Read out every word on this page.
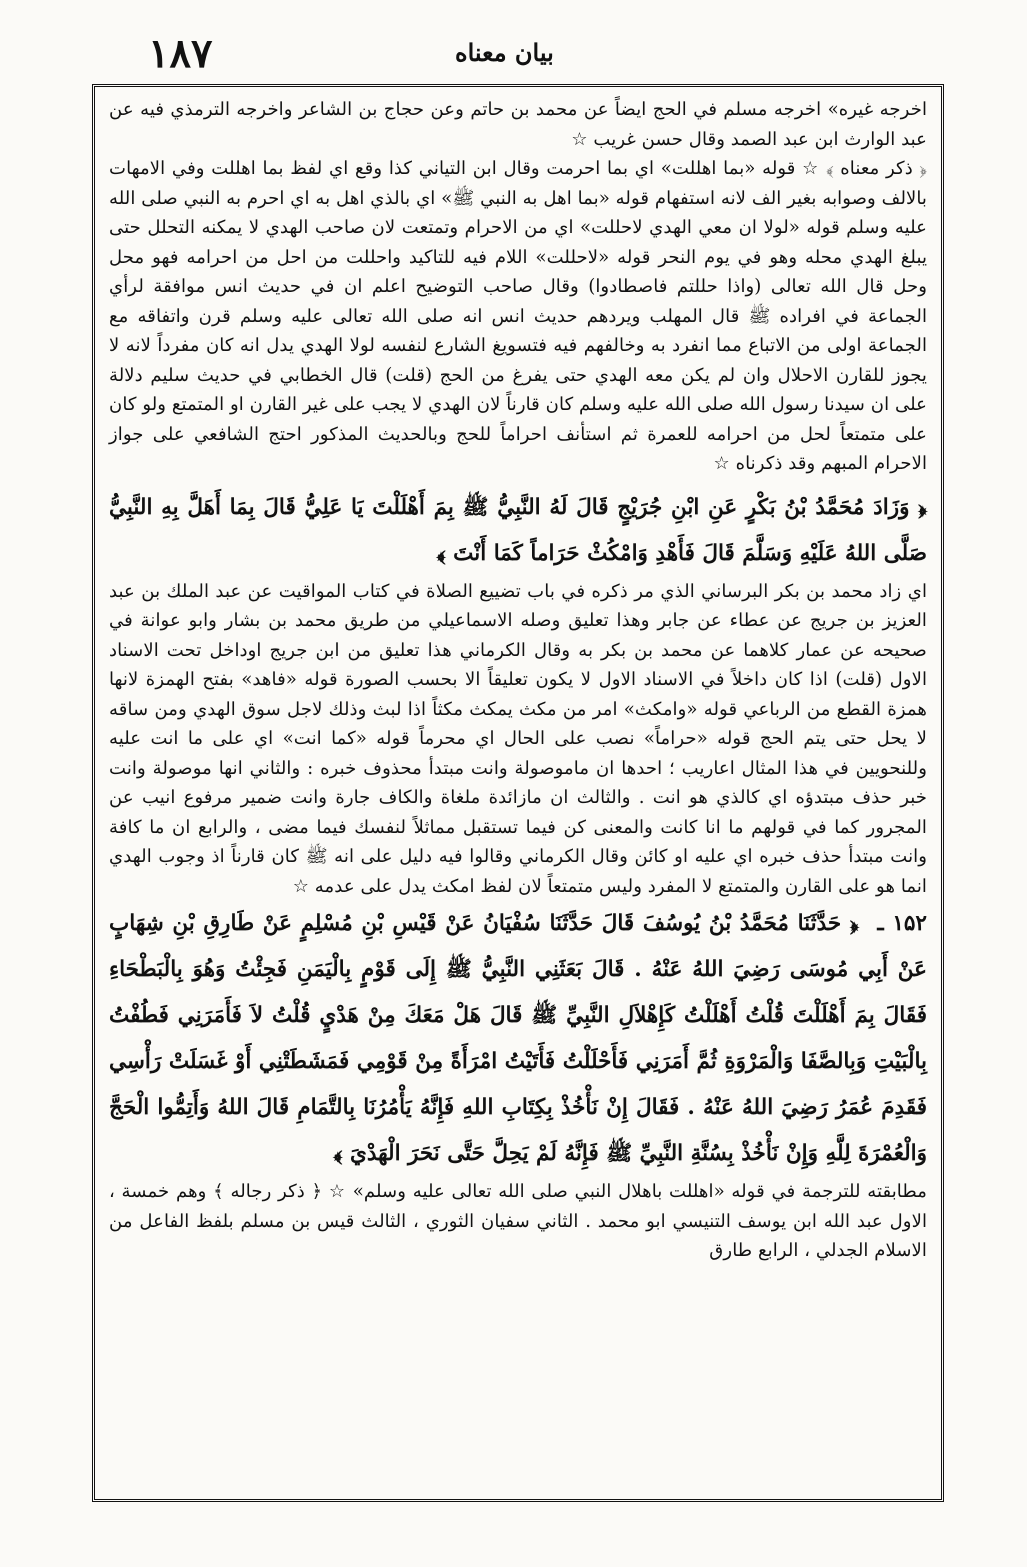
۱۸۷	بيان معناه

اخرجه غيره» اخرجه مسلم في الحج ايضاً عن محمد بن حاتم وعن حجاج بن الشاعر واخرجه الترمذي فيه عن عبد الوارث ابن عبد الصمد وقال حسن غريب ☆

﴿ ذكر معناه ﴾ ☆ قوله «بما اهللت» اي بما احرمت وقال ابن التياني كذا وقع اي لفظ بما اهللت وفي الامهات بالالف وصوابه بغير الف لانه استفهام قوله «بما اهل به النبي ﷺ» اي بالذي اهل به اي احرم به النبي صلى الله عليه وسلم قوله «لولا ان معي الهدي لاحللت» اي من الاحرام وتمتعت لان صاحب الهدي لا يمكنه التحلل حتى يبلغ الهدي محله وهو في يوم النحر قوله «لاحللت» اللام فيه للتاكيد واحللت من احل من احرامه فهو محل وحل قال الله تعالى (واذا حللتم فاصطادوا) وقال صاحب التوضيح اعلم ان في حديث انس موافقة لرأي الجماعة في افراده ﷺ قال المهلب ويردهم حديث انس انه صلى الله تعالى عليه وسلم قرن واتفاقه مع الجماعة اولى من الاتباع مما انفرد به وخالفهم فيه فتسويغ الشارع لنفسه لولا الهدي يدل انه كان مفرداً لانه لا يجوز للقارن الاحلال وان لم يكن معه الهدي حتى يفرغ من الحج (قلت) قال الخطابي في حديث سليم دلالة على ان سيدنا رسول الله صلى الله عليه وسلم كان قارناً لان الهدي لا يجب على غير القارن او المتمتع ولو كان على متمتعاً لحل من احرامه للعمرة ثم استأنف احراماً للحج وبالحديث المذكور احتج الشافعي على جواز الاحرام المبهم وقد ذكرناه ☆

﴿ وَزَادَ مُحَمَّدُ بْنُ بَكْرٍ عَنِ ابْنِ جُرَيْجٍ قَالَ لَهُ النَّبِيُّ ﷺ بِمَ أَهْلَلْتَ يَا عَلِيُّ قَالَ بِمَا أَهَلَّ بِهِ النَّبِيُّ صَلَّى اللهُ عَلَيْهِ وَسَلَّمَ قَالَ فَأَهْدِ وَامْكُثْ حَرَاماً كَمَا أَنْتَ ﴾

اي زاد محمد بن بكر البرساني الذي مر ذكره في باب تضييع الصلاة في كتاب المواقيت عن عبد الملك بن عبد العزيز بن جريج عن عطاء عن جابر وهذا تعليق وصله الاسماعيلي من طريق محمد بن بشار وابو عوانة في صحيحه عن عمار كلاهما عن محمد بن بكر به وقال الكرماني هذا تعليق من ابن جريج اوداخل تحت الاسناد الاول (قلت) اذا كان داخلاً في الاسناد الاول لا يكون تعليقاً الا بحسب الصورة قوله «فاهد» بفتح الهمزة لانها همزة القطع من الرباعي قوله «وامكث» امر من مكث يمكث مكثاً اذا لبث وذلك لاجل سوق الهدي ومن ساقه لا يحل حتى يتم الحج قوله «حراماً» نصب على الحال اي محرماً قوله «كما انت» اي على ما انت عليه وللنحويين في هذا المثال اعاريب ؛ احدها ان ماموصولة وانت مبتدأ محذوف خبره : والثاني انها موصولة وانت خبر حذف مبتدؤه اي كالذي هو انت . والثالث ان مازائدة ملغاة والكاف جارة وانت ضمير مرفوع انيب عن المجرور كما في قولهم ما انا كانت والمعنى كن فيما تستقبل مماثلاً لنفسك فيما مضى ، والرابع ان ما كافة وانت مبتدأ حذف خبره اي عليه او كائن وقال الكرماني وقالوا فيه دليل على انه ﷺ كان قارناً اذ وجوب الهدي انما هو على القارن والمتمتع لا المفرد وليس متمتعاً لان لفظ امكث يدل على عدمه ☆

۱۵۲ ـ ﴿ حَدَّثَنَا مُحَمَّدُ بْنُ يُوسُفَ قَالَ حَدَّثَنَا سُفْيَانُ عَنْ قَيْسِ بْنِ مُسْلِمٍ عَنْ طَارِقِ بْنِ شِهَابٍ عَنْ أَبِي مُوسَى رَضِيَ اللهُ عَنْهُ . قَالَ بَعَثَنِي النَّبِيُّ ﷺ إِلَى قَوْمٍ بِالْيَمَنِ فَجِئْتُ وَهُوَ بِالْبَطْحَاءِ فَقَالَ بِمَ أَهْلَلْتَ قُلْتُ أَهْلَلْتُ كَإِهْلاَلِ النَّبِيِّ ﷺ قَالَ هَلْ مَعَكَ مِنْ هَدْيٍ قُلْتُ لاَ فَأَمَرَنِي فَطُفْتُ بِالْبَيْتِ وَبِالصَّفَا وَالْمَرْوَةِ ثُمَّ أَمَرَنِي فَأَحْلَلْتُ فَأَتَيْتُ امْرَأَةً مِنْ قَوْمِي فَمَشَطَتْنِي أَوْ غَسَلَتْ رَأْسِي فَقَدِمَ عُمَرُ رَضِيَ اللهُ عَنْهُ . فَقَالَ إِنْ نَأْخُذْ بِكِتَابِ اللهِ فَإِنَّهُ يَأْمُرُنَا بِالتَّمَامِ قَالَ اللهُ وَأَتِمُّوا الْحَجَّ وَالْعُمْرَةَ لِلَّهِ وَإِنْ نَأْخُذْ بِسُنَّةِ النَّبِيِّ ﷺ فَإِنَّهُ لَمْ يَحِلَّ حَتَّى نَحَرَ الْهَدْيَ ﴾

مطابقته للترجمة في قوله «اهللت باهلال النبي صلى الله تعالى عليه وسلم» ☆ ﴿ ذكر رجاله ﴾ وهم خمسة ، الاول عبد الله ابن يوسف التنيسي ابو محمد . الثاني سفيان الثوري ، الثالث قيس بن مسلم بلفظ الفاعل من الاسلام الجدلي ، الرابع طارق
